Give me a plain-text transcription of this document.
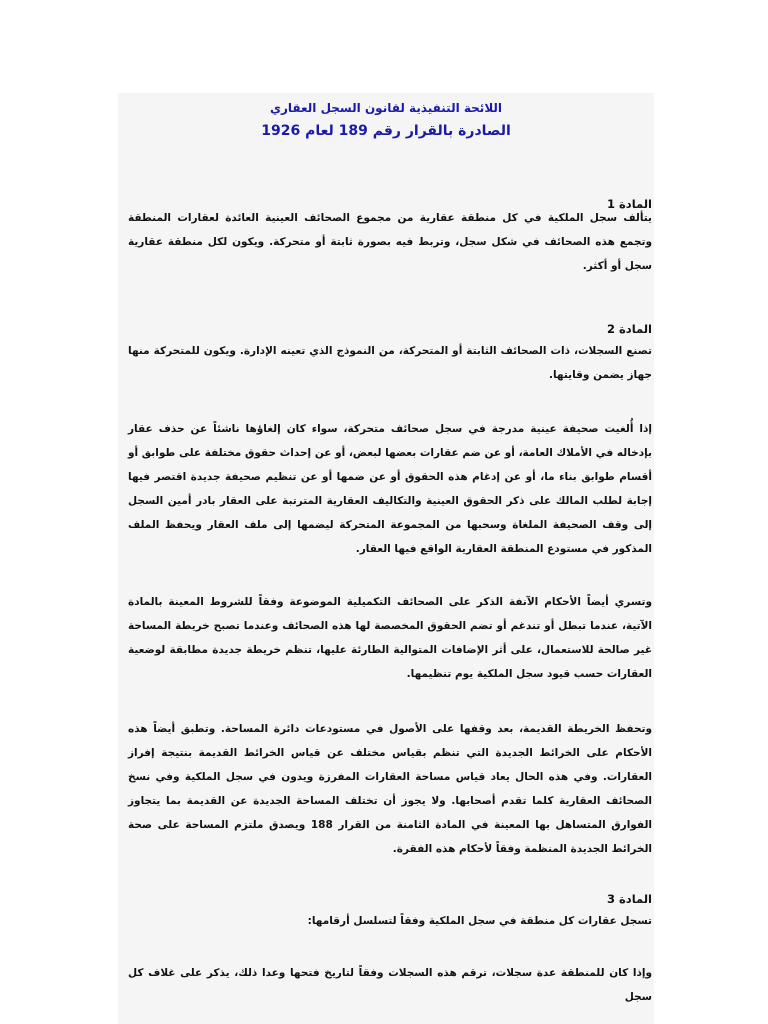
اللائحة التنفيذية لقانون السجل العقاري
الصادرة بالقرار رقم 189 لعام 1926
المادة 1
يتألف سجل الملكية في كل منطقة عقارية من مجموع الصحائف العينية العائدة لعقارات المنطقة وتجمع هذه الصحائف في شكل سجل، وتربط فيه بصورة ثابتة أو متحركة. ويكون لكل منطقة عقارية سجل أو أكثر.
المادة 2
تصنع السجلات، ذات الصحائف الثابتة أو المتحركة، من النموذج الذي تعينه الإدارة. ويكون للمتحركة منها جهاز يضمن وقايتها.
إذا أُلغيت صحيفة عينية مدرجة في سجل صحائف متحركة، سواء كان إلغاؤها ناشئاً عن حذف عقار بإدخاله في الأملاك العامة، أو عن ضم عقارات بعضها لبعض، أو عن إحداث حقوق مختلفة على طوابق أو أقسام طوابق بناء ما، أو عن إدغام هذه الحقوق أو عن ضمها أو عن تنظيم صحيفة جديدة اقتصر فيها إجابة لطلب المالك على ذكر الحقوق العينية والتكاليف العقارية المترتبة على العقار بادر أمين السجل إلى وقف الصحيفة الملغاة وسحبها من المجموعة المتحركة ليضمها إلى ملف العقار ويحفظ الملف المذكور في مستودع المنطقة العقارية الواقع فيها العقار.
وتسري أيضاً الأحكام الآنفة الذكر على الصحائف التكميلية الموضوعة وفقاً للشروط المعينة بالمادة الآتية، عندما تبطل أو تندغم أو تضم الحقوق المخصصة لها هذه الصحائف وعندما تصبح خريطة المساحة غير صالحة للاستعمال، على أثر الإضافات المتوالية الطارئة عليها، تنظم خريطة جديدة مطابقة لوضعية العقارات حسب قيود سجل الملكية يوم تنظيمها.
وتحفظ الخريطة القديمة، بعد وقفها على الأصول في مستودعات دائرة المساحة. وتطبق أيضاً هذه الأحكام على الخرائط الجديدة التي تنظم بقياس مختلف عن قياس الخرائط القديمة بنتيجة إفراز العقارات. وفي هذه الحال يعاد قياس مساحة العقارات المفرزة ويدون في سجل الملكية وفي نسخ الصحائف العقارية كلما تقدم أصحابها. ولا يجوز أن تختلف المساحة الجديدة عن القديمة بما يتجاوز الفوارق المتساهل بها المعينة في المادة الثامنة من القرار 188 ويصدق ملتزم المساحة على صحة الخرائط الجديدة المنظمة وفقاً لأحكام هذه الفقرة.
المادة 3
تسجل عقارات كل منطقة في سجل الملكية وفقاً لتسلسل أرقامها:
وإذا كان للمنطقة عدة سجلات، ترقم هذه السجلات وفقاً لتاريخ فتحها وعدا ذلك، يذكر على غلاف كل سجل
